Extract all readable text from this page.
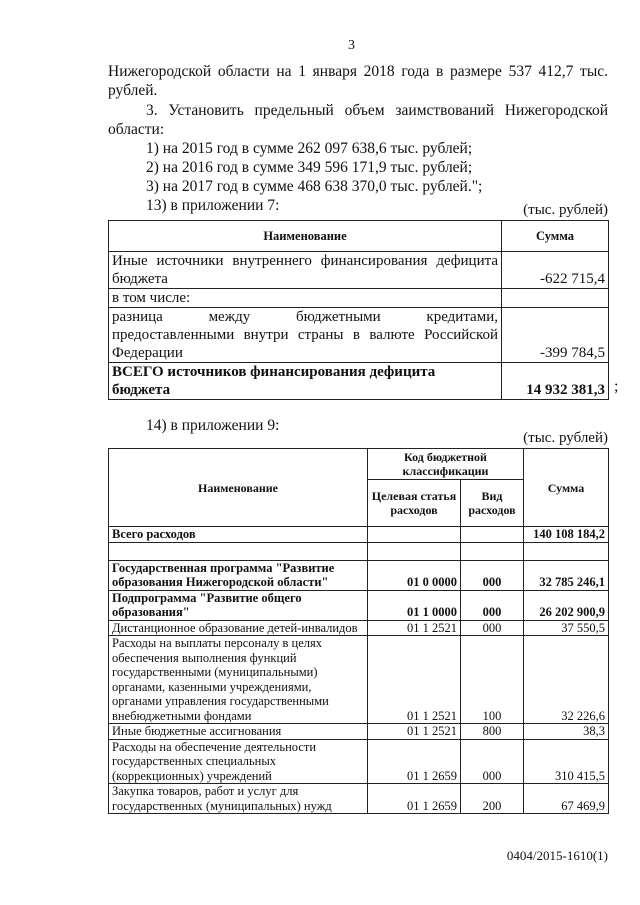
3
Нижегородской области на 1 января 2018 года в размере 537 412,7 тыс.
рублей.
3. Установить предельный объем заимствований Нижегородской
области:
1) на 2015 год в сумме 262 097 638,6 тыс. рублей;
2) на 2016 год в сумме 349 596 171,9 тыс. рублей;
3) на 2017 год в сумме 468 638 370,0 тыс. рублей.";
13) в приложении 7:	(тыс. рублей)
Наименование	Сумма

Иные источники внутреннего финансирования дефицита
бюджета	-622 715,4
в том числе:	

разница между бюджетными кредитами,
предоставленными внутри страны в валюте Российской
Федерации	-399 784,5

ВСЕГО источников финансирования дефицита
бюджета	14 932 381,3 ;
14) в приложении 9:
(тыс. рублей)
Наименование	Код бюджетной классификации		Сумма
	Целевая статья расходов	Вид расходов	
Всего расходов			140 108 184,2

Государственная программа "Развитие образования Нижегородской области"	01 0 0000	000	32 785 246,1
Подпрограмма "Развитие общего образования"	01 1 0000	000	26 202 900,9
Дистанционное образование детей-инвалидов	01 1 2521	000	37 550,5
Расходы на выплаты персоналу в целях обеспечения выполнения функций государственными (муниципальными) органами, казенными учреждениями, органами управления государственными внебюджетными фондами	01 1 2521	100	32 226,6
Иные бюджетные ассигнования	01 1 2521	800	38,3
Расходы на обеспечение деятельности государственных специальных (коррекционных) учреждений	01 1 2659	000	310 415,5
Закупка товаров, работ и услуг для государственных (муниципальных) нужд	01 1 2659	200	67 469,9
0404/2015-1610(1)
